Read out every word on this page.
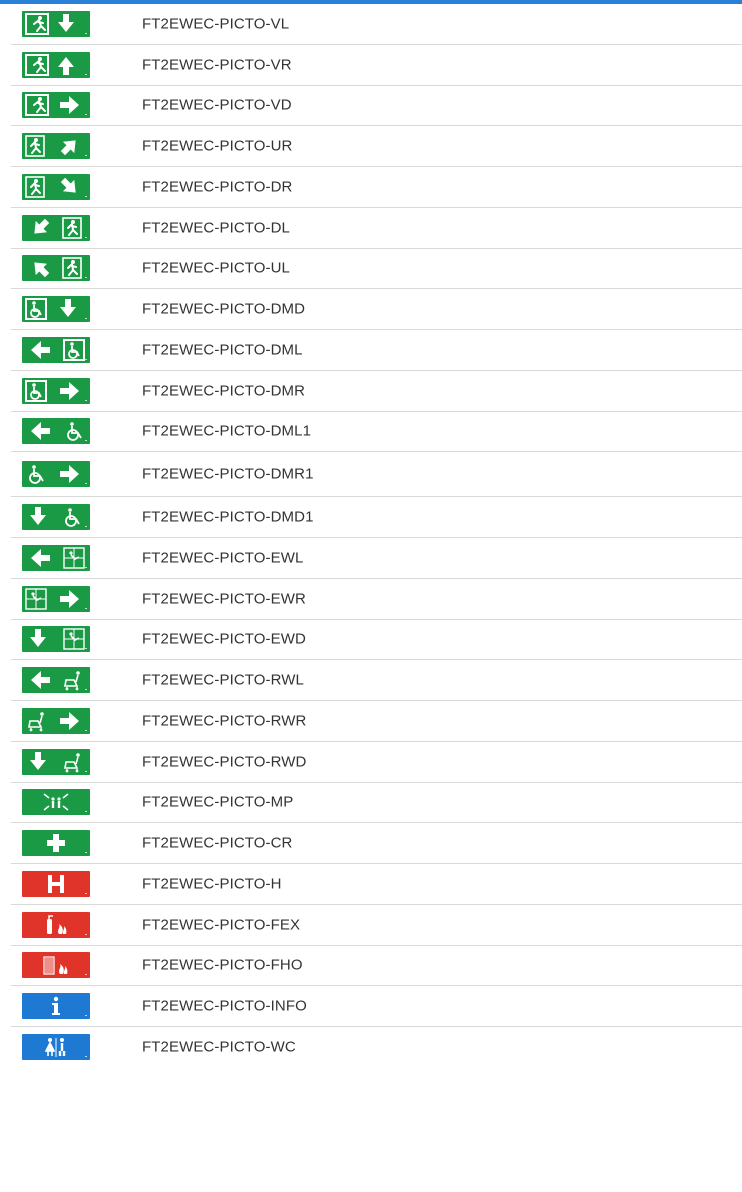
FT2EWEC-PICTO-VL
FT2EWEC-PICTO-VR
FT2EWEC-PICTO-VD
FT2EWEC-PICTO-UR
FT2EWEC-PICTO-DR
FT2EWEC-PICTO-DL
FT2EWEC-PICTO-UL
FT2EWEC-PICTO-DMD
FT2EWEC-PICTO-DML
FT2EWEC-PICTO-DMR
FT2EWEC-PICTO-DML1
FT2EWEC-PICTO-DMR1
FT2EWEC-PICTO-DMD1
FT2EWEC-PICTO-EWL
FT2EWEC-PICTO-EWR
FT2EWEC-PICTO-EWD
FT2EWEC-PICTO-RWL
FT2EWEC-PICTO-RWR
FT2EWEC-PICTO-RWD
FT2EWEC-PICTO-MP
FT2EWEC-PICTO-CR
FT2EWEC-PICTO-H
FT2EWEC-PICTO-FEX
FT2EWEC-PICTO-FHO
FT2EWEC-PICTO-INFO
FT2EWEC-PICTO-WC
